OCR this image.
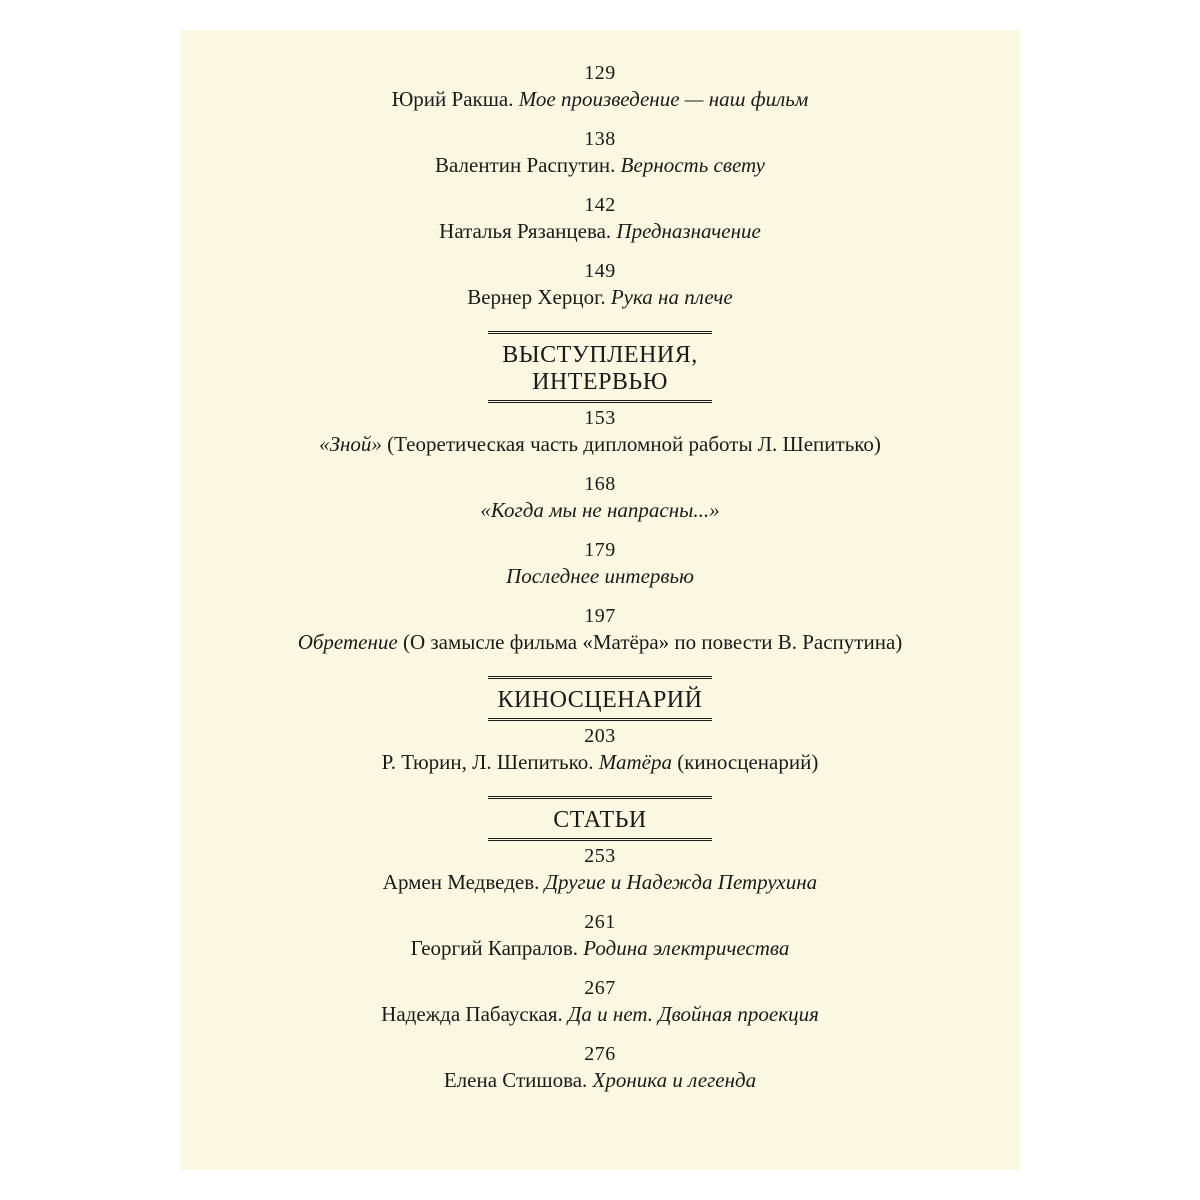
129
Юрий Ракша. Мое произведение — наш фильм
138
Валентин Распутин. Верность свету
142
Наталья Рязанцева. Предназначение
149
Вернер Херцог. Рука на плече
ВЫСТУПЛЕНИЯ,
ИНТЕРВЬЮ
153
«Зной» (Теоретическая часть дипломной работы Л. Шепитько)
168
«Когда мы не напрасны...»
179
Последнее интервью
197
Обретение (О замысле фильма «Матёра» по повести В. Распутина)
КИНОСЦЕНАРИЙ
203
Р. Тюрин, Л. Шепитько. Матёра (киносценарий)
СТАТЬИ
253
Армен Медведев. Другие и Надежда Петрухина
261
Георгий Капралов. Родина электричества
267
Надежда Пабауская. Да и нет. Двойная проекция
276
Елена Стишова. Хроника и легенда
